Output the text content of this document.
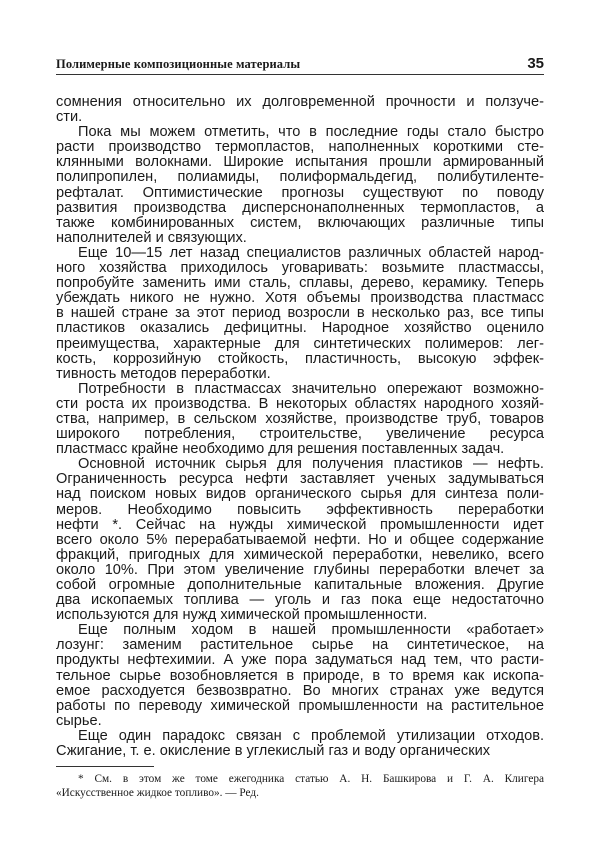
Полимерные композиционные материалы	35
сомнения относительно их долговременной прочности и ползуче-
сти.
Пока мы можем отметить, что в последние годы стало быстро
расти производство термопластов, наполненных короткими сте-
клянными волокнами. Широкие испытания прошли армированный
полипропилен, полиамиды, полиформальдегид, полибутиленте-
рефталат. Оптимистические прогнозы существуют по поводу
развития производства дисперснонаполненных термопластов, а
также комбинированных систем, включающих различные типы
наполнителей и связующих.
Еще 10—15 лет назад специалистов различных областей народ-
ного хозяйства приходилось уговаривать: возьмите пластмассы,
попробуйте заменить ими сталь, сплавы, дерево, керамику. Теперь
убеждать никого не нужно. Хотя объемы производства пластмасс
в нашей стране за этот период возросли в несколько раз, все типы
пластиков оказались дефицитны. Народное хозяйство оценило
преимущества, характерные для синтетических полимеров: лег-
кость, коррозийную стойкость, пластичность, высокую эффек-
тивность методов переработки.
Потребности в пластмассах значительно опережают возможно-
сти роста их производства. В некоторых областях народного хозяй-
ства, например, в сельском хозяйстве, производстве труб, товаров
широкого потребления, строительстве, увеличение ресурса
пластмасс крайне необходимо для решения поставленных задач.
Основной источник сырья для получения пластиков — нефть.
Ограниченность ресурса нефти заставляет ученых задумываться
над поиском новых видов органического сырья для синтеза поли-
меров. Необходимо повысить эффективность переработки
нефти *. Сейчас на нужды химической промышленности идет
всего около 5% перерабатываемой нефти. Но и общее содержание
фракций, пригодных для химической переработки, невелико, всего
около 10%. При этом увеличение глубины переработки влечет за
собой огромные дополнительные капитальные вложения. Другие
два ископаемых топлива — уголь и газ пока еще недостаточно
используются для нужд химической промышленности.
Еще полным ходом в нашей промышленности «работает»
лозунг: заменим растительное сырье на синтетическое, на
продукты нефтехимии. А уже пора задуматься над тем, что расти-
тельное сырье возобновляется в природе, в то время как ископа-
емое расходуется безвозвратно. Во многих странах уже ведутся
работы по переводу химической промышленности на растительное
сырье.
Еще один парадокс связан с проблемой утилизации отходов.
Сжигание, т. е. окисление в углекислый газ и воду органических
* См. в этом же томе ежегодника статью А. Н. Башкирова и Г. А. Клигера
«Искусственное жидкое топливо». — Ред.
